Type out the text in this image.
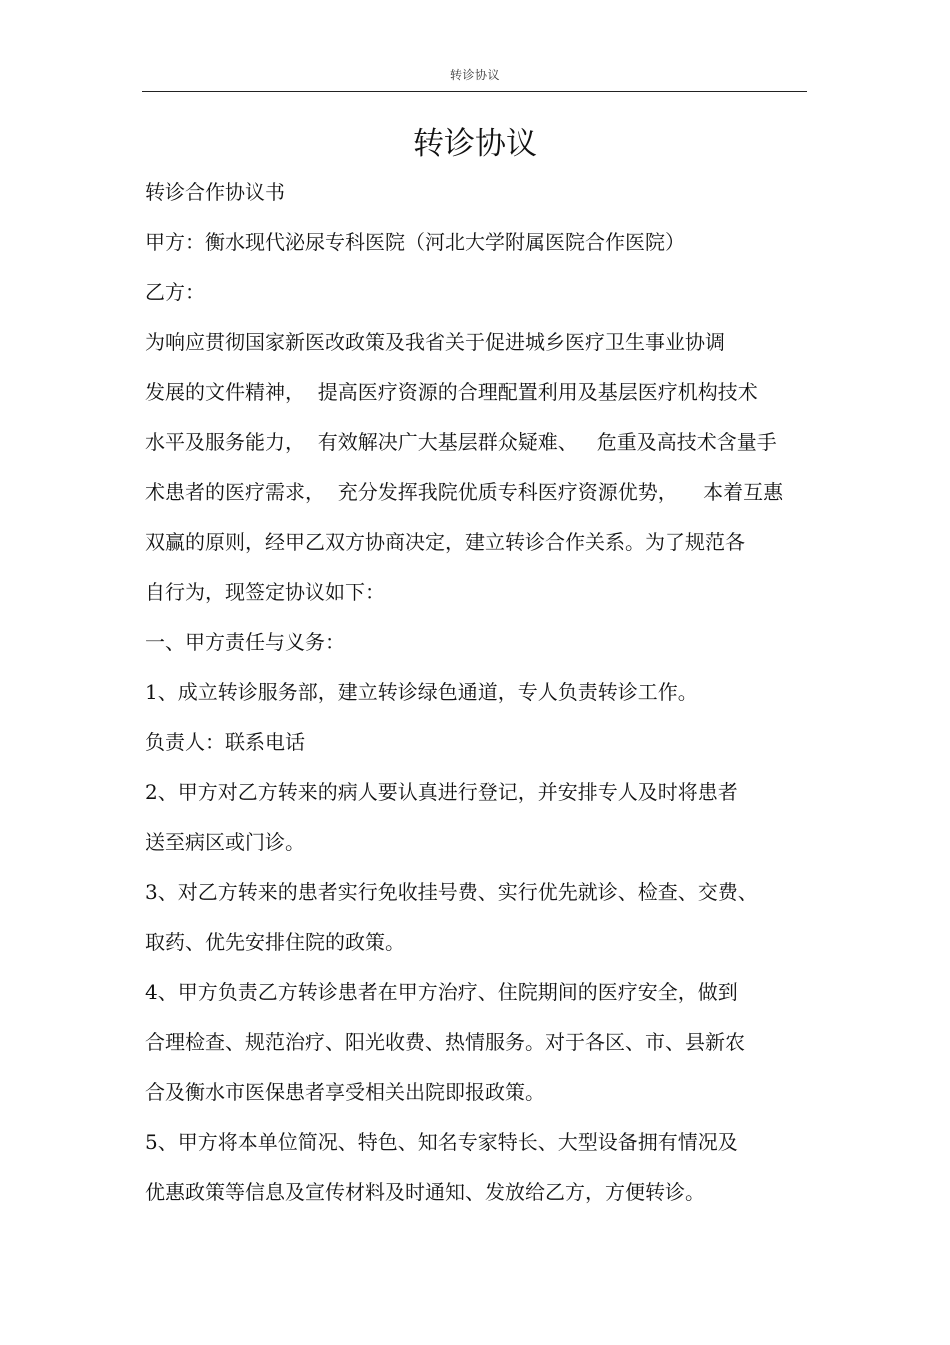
转诊协议
转诊协议
转诊合作协议书
甲方：衡水现代泌尿专科医院（河北大学附属医院合作医院）
乙方：
为响应贯彻国家新医改政策及我省关于促进城乡医疗卫生事业协调
发展的文件精神，  提高医疗资源的合理配置利用及基层医疗机构技术
水平及服务能力，  有效解决广大基层群众疑难、   危重及高技术含量手
术患者的医疗需求，  充分发挥我院优质专科医疗资源优势，    本着互惠
双赢的原则，经甲乙双方协商决定，建立转诊合作关系。为了规范各
自行为，现签定协议如下：
一、甲方责任与义务：
1、成立转诊服务部，建立转诊绿色通道，专人负责转诊工作。
负责人：联系电话
2、甲方对乙方转来的病人要认真进行登记，并安排专人及时将患者
送至病区或门诊。
3、对乙方转来的患者实行免收挂号费、实行优先就诊、检查、交费、
取药、优先安排住院的政策。
4、甲方负责乙方转诊患者在甲方治疗、住院期间的医疗安全，做到
合理检查、规范治疗、阳光收费、热情服务。对于各区、市、县新农
合及衡水市医保患者享受相关出院即报政策。
5、甲方将本单位简况、特色、知名专家特长、大型设备拥有情况及
优惠政策等信息及宣传材料及时通知、发放给乙方，方便转诊。
